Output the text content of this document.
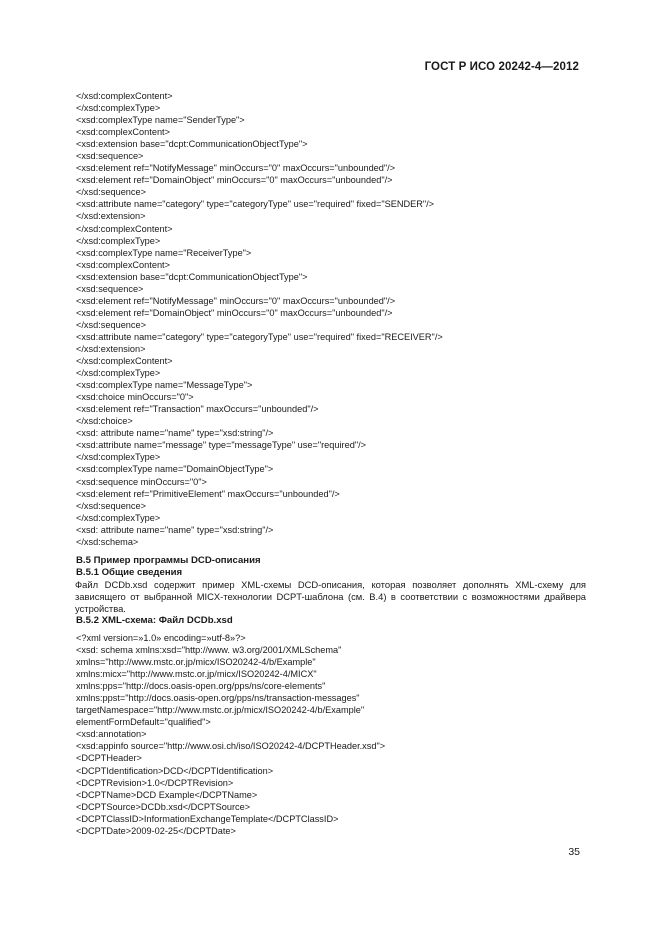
ГОСТ Р ИСО 20242-4—2012
</xsd:complexContent>
</xsd:complexType>
<xsd:complexType name="SenderType">
<xsd:complexContent>
<xsd:extension base="dcpt:CommunicationObjectType">
<xsd:sequence>
<xsd:element ref="NotifyMessage" minOccurs="0" maxOccurs="unbounded"/>
<xsd:element ref="DomainObject" minOccurs="0" maxOccurs="unbounded"/>
</xsd:sequence>
<xsd:attribute name="category" type="categoryType" use="required" fixed="SENDER"/>
</xsd:extension>
</xsd:complexContent>
</xsd:complexType>
<xsd:complexType name="ReceiverType">
<xsd:complexContent>
<xsd:extension base="dcpt:CommunicationObjectType">
<xsd:sequence>
<xsd:element ref="NotifyMessage" minOccurs="0" maxOccurs="unbounded"/>
<xsd:element ref="DomainObject" minOccurs="0" maxOccurs="unbounded"/>
</xsd:sequence>
<xsd:attribute name="category" type="categoryType" use="required" fixed="RECEIVER"/>
</xsd:extension>
</xsd:complexContent>
</xsd:complexType>
<xsd:complexType name="MessageType">
<xsd:choice minOccurs="0">
<xsd:element ref="Transaction" maxOccurs="unbounded"/>
</xsd:choice>
<xsd: attribute name="name" type="xsd:string"/>
<xsd:attribute name="message" type="messageType" use="required"/>
</xsd:complexType>
<xsd:complexType name="DomainObjectType">
<xsd:sequence minOccurs="0">
<xsd:element ref="PrimitiveElement" maxOccurs="unbounded"/>
</xsd:sequence>
</xsd:complexType>
<xsd: attribute name="name" type="xsd:string"/>
</xsd:schema>
В.5 Пример программы DCD-описания
В.5.1 Общие сведения
Файл DCDb.xsd содержит пример XML-схемы DCD-описания, которая позволяет дополнять XML-схему для зависящего от выбранной MICX-технологии DCPT-шаблона (см. В.4) в соответствии с возможностями драйвера устройства.
В.5.2 XML-схема: Файл DCDb.xsd
<?xml version=»1.0» encoding=»utf-8»?>
<xsd: schema xmlns:xsd="http://www. w3.org/2001/XMLSchema"
xmlns="http://www.mstc.or.jp/micx/ISO20242-4/b/Example"
xmlns:micx="http://www.mstc.or.jp/micx/ISO20242-4/MICX"
xmlns:pps="http://docs.oasis-open.org/pps/ns/core-elements"
xmlns:ppst="http://docs.oasis-open.org/pps/ns/transaction-messages"
targetNamespace="http://www.mstc.or.jp/micx/ISO20242-4/b/Example"
elementFormDefault="qualified">
<xsd:annotation>
<xsd:appinfo source="http://www.osi.ch/iso/ISO20242-4/DCPTHeader.xsd">
<DCPTHeader>
<DCPTIdentification>DCD</DCPTIdentification>
<DCPTRevision>1.0</DCPTRevision>
<DCPTName>DCD Example</DCPTName>
<DCPTSource>DCDb.xsd</DCPTSource>
<DCPTClassID>InformationExchangeTemplate</DCPTClassID>
<DCPTDate>2009-02-25</DCPTDate>
35
